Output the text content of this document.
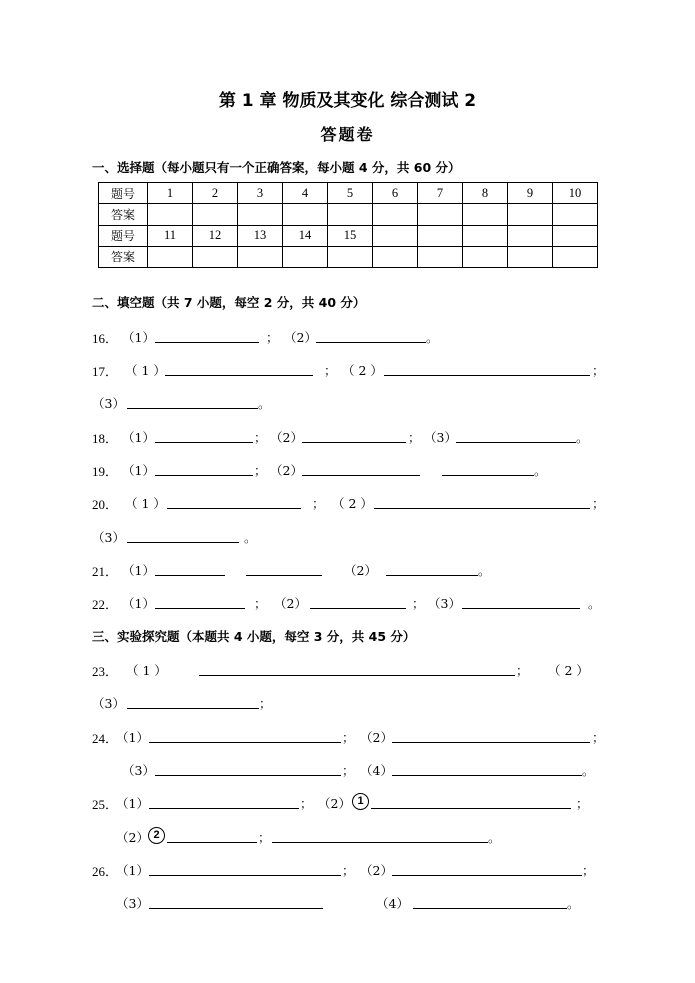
第 1 章 物质及其变化 综合测试 2
答题卷
一、选择题（每小题只有一个正确答案，每小题 4 分，共 60 分）
题号	1	2	3	4	5	6	7	8	9	10
答案										
题号	11	12	13	14	15					
答案										
二、填空题（共 7 小题，每空 2 分，共 40 分）
16． （1）	； （2）	。
17． （ 1 ）	； （ 2 ）	；
（3）	。
18． （1）	； （2）	； （3）	。
19． （1）	； （2）	。
20． （ 1 ）	； （ 2 ）	；
（3）	。
21． （1）	（2）	。
22． （1）	； （2）	； （3）	。
三、实验探究题（本题共 4 小题，每空 3 分，共 45 分）
23． （ 1 ）	； （ 2 ）
（3）	；
24．
（1）	； （2）	；
（3）	； （4）	。
25．
（1）	； （2） 1	；
（2） 2	；	。
26．
（1）	； （2）	；
（3）	（4）	。
